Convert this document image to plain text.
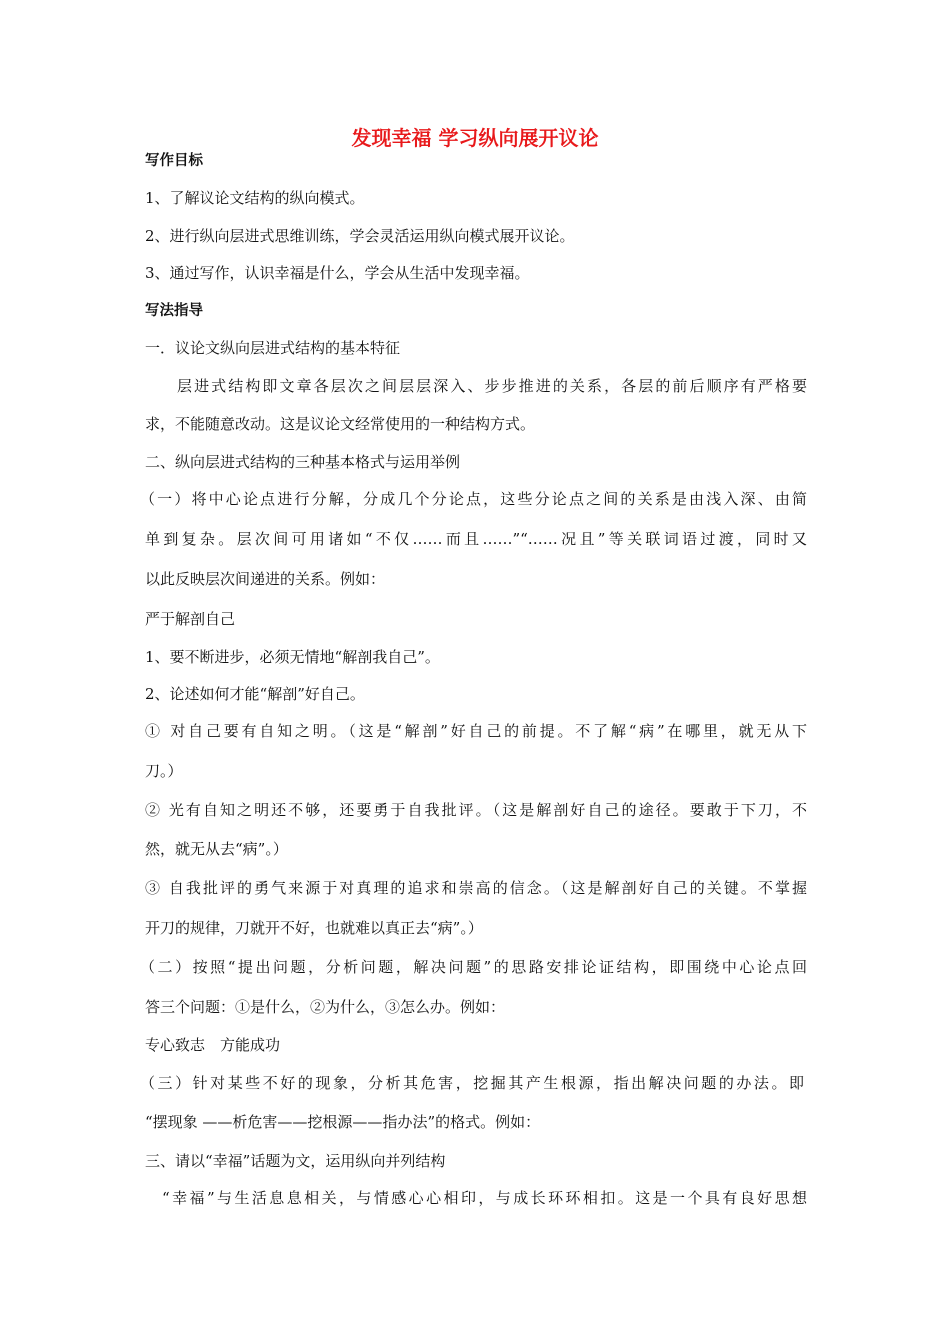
发现幸福 学习纵向展开议论
写作目标
1、了解议论文结构的纵向模式。
2、进行纵向层进式思维训练，学会灵活运用纵向模式展开议论。
3、通过写作，认识幸福是什么，学会从生活中发现幸福。
写法指导
一．议论文纵向层进式结构的基本特征
层进式结构即文章各层次之间层层深入、步步推进的关系，各层的前后顺序有严格要
求，不能随意改动。这是议论文经常使用的一种结构方式。
二、纵向层进式结构的三种基本格式与运用举例
（一）将中心论点进行分解，分成几个分论点，这些分论点之间的关系是由浅入深、由简
单到复杂。层次间可用诸如“不仅……而且……”“……况且”等关联词语过渡，同时又
以此反映层次间递进的关系。例如：
严于解剖自己
1、要不断进步，必须无情地“解剖我自己”。
2、论述如何才能“解剖”好自己。
① 对自己要有自知之明。（这是“解剖”好自己的前提。不了解“病”在哪里，就无从下
刀。）
② 光有自知之明还不够，还要勇于自我批评。（这是解剖好自己的途径。要敢于下刀，不
然，就无从去“病”。）
③ 自我批评的勇气来源于对真理的追求和崇高的信念。（这是解剖好自己的关键。不掌握
开刀的规律，刀就开不好，也就难以真正去“病”。）
（二）按照“提出问题，分析问题，解决问题”的思路安排论证结构，即围绕中心论点回
答三个问题：①是什么，②为什么，③怎么办。例如：
专心致志　方能成功
（三）针对某些不好的现象，分析其危害，挖掘其产生根源，指出解决问题的办法。即
“摆现象 ——析危害——挖根源——指办法”的格式。例如：
三、请以“幸福”话题为文，运用纵向并列结构
“幸福”与生活息息相关，与情感心心相印，与成长环环相扣。这是一个具有良好思想
